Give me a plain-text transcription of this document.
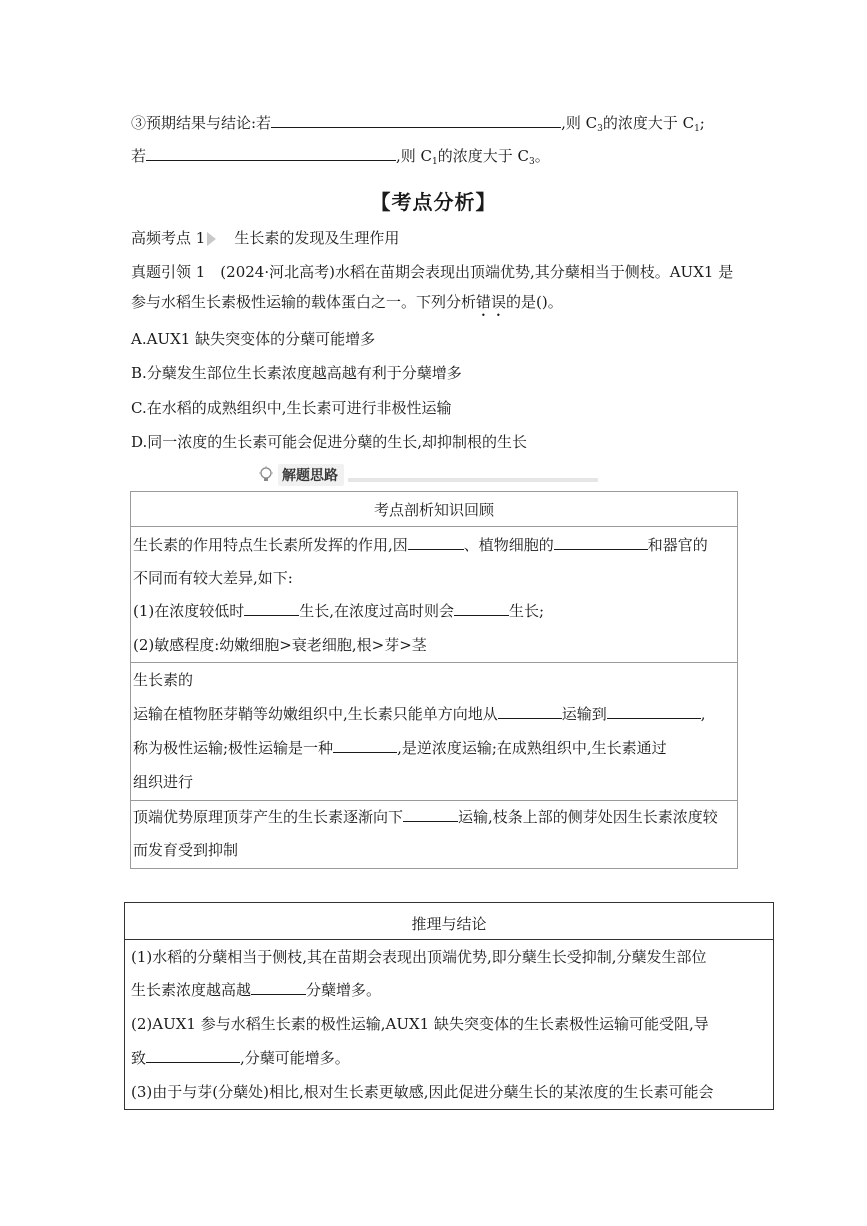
③预期结果与结论:若	,则 $C_3$的浓度大于 $C_1$;
若	,则 $C_1$的浓度大于 $C_3$。
【考点分析】
高频考点 1 生长素的发现及生理作用
真题引领 1　(2024·河北高考)水稻在苗期会表现出顶端优势,其分蘖相当于侧枝。AUX1 是
参与水稻生长素极性运输的载体蛋白之一。下列分析错误的是()。
A.AUX1 缺失突变体的分蘖可能增多
B.分蘖发生部位生长素浓度越高越有利于分蘖增多
C.在水稻的成熟组织中,生长素可进行非极性运输
D.同一浓度的生长素可能会促进分蘖的生长,却抑制根的生长
解题思路
考点剖析知识回顾
生长素的作用特点生长素所发挥的作用,因	、植物细胞的	和器官的
不同而有较大差异,如下:
(1)在浓度较低时	生长,在浓度过高时则会	生长;
(2)敏感程度:幼嫩细胞>衰老细胞,根>芽>茎
生长素的
运输在植物胚芽鞘等幼嫩组织中,生长素只能单方向地从	运输到	,
称为极性运输;极性运输是一种	,是逆浓度运输;在成熟组织中,生长素通过
组织进行
顶端优势原理顶芽产生的生长素逐渐向下	运输,枝条上部的侧芽处因生长素浓度较
而发育受到抑制
推理与结论
(1)水稻的分蘖相当于侧枝,其在苗期会表现出顶端优势,即分蘖生长受抑制,分蘖发生部位
生长素浓度越高越	分蘖增多。
(2)AUX1 参与水稻生长素的极性运输,AUX1 缺失突变体的生长素极性运输可能受阻,导
致	,分蘖可能增多。
(3)由于与芽(分蘖处)相比,根对生长素更敏感,因此促进分蘖生长的某浓度的生长素可能会
